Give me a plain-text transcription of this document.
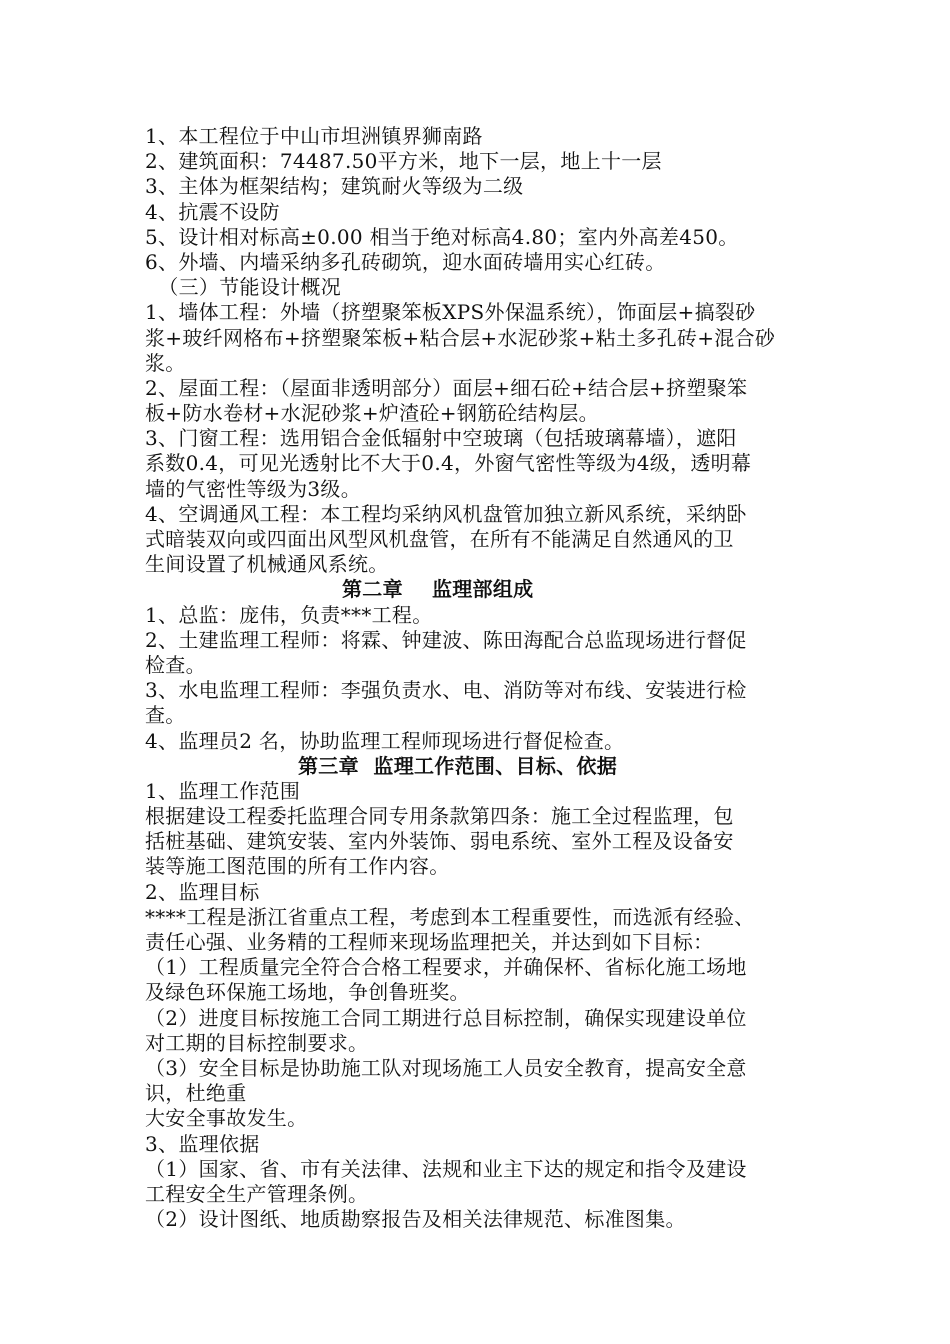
1、本工程位于中山市坦洲镇界狮南路
2、建筑面积：74487.50平方米，地下一层，地上十一层
3、主体为框架结构；建筑耐火等级为二级
4、抗震不设防
5、设计相对标高±0.00 相当于绝对标高4.80；室内外高差450。
6、外墙、内墙采纳多孔砖砌筑，迎水面砖墙用实心红砖。
（三）节能设计概况
1、墙体工程：外墙（挤塑聚笨板XPS外保温系统），饰面层+搞裂砂
浆+玻纤网格布+挤塑聚笨板+粘合层+水泥砂浆+粘土多孔砖+混合砂
浆。
2、屋面工程：（屋面非透明部分）面层+细石砼+结合层+挤塑聚笨
板+防水卷材+水泥砂浆+炉渣砼+钢筋砼结构层。
3、门窗工程：选用铝合金低辐射中空玻璃（包括玻璃幕墙），遮阳
系数0.4，可见光透射比不大于0.4，外窗气密性等级为4级，透明幕
墙的气密性等级为3级。
4、空调通风工程：本工程均采纳风机盘管加独立新风系统，采纳卧
式暗装双向或四面出风型风机盘管，在所有不能满足自然通风的卫
生间设置了机械通风系统。
第二章    监理部组成
1、总监：庞伟，负责***工程。
2、土建监理工程师：将霖、钟建波、陈田海配合总监现场进行督促
检查。
3、水电监理工程师：李强负责水、电、消防等对布线、安装进行检
查。
4、监理员2 名，协助监理工程师现场进行督促检查。
第三章  监理工作范围、目标、依据
1、监理工作范围
根据建设工程委托监理合同专用条款第四条：施工全过程监理，包
括桩基础、建筑安装、室内外装饰、弱电系统、室外工程及设备安
装等施工图范围的所有工作内容。
2、监理目标
****工程是浙江省重点工程，考虑到本工程重要性，而选派有经验、
责任心强、业务精的工程师来现场监理把关，并达到如下目标：
（1）工程质量完全符合合格工程要求，并确保杯、省标化施工场地
及绿色环保施工场地，争创鲁班奖。
（2）进度目标按施工合同工期进行总目标控制，确保实现建设单位
对工期的目标控制要求。
（3）安全目标是协助施工队对现场施工人员安全教育，提高安全意
识，杜绝重
大安全事故发生。
3、监理依据
（1）国家、省、市有关法律、法规和业主下达的规定和指令及建设
工程安全生产管理条例。
（2）设计图纸、地质勘察报告及相关法律规范、标准图集。
